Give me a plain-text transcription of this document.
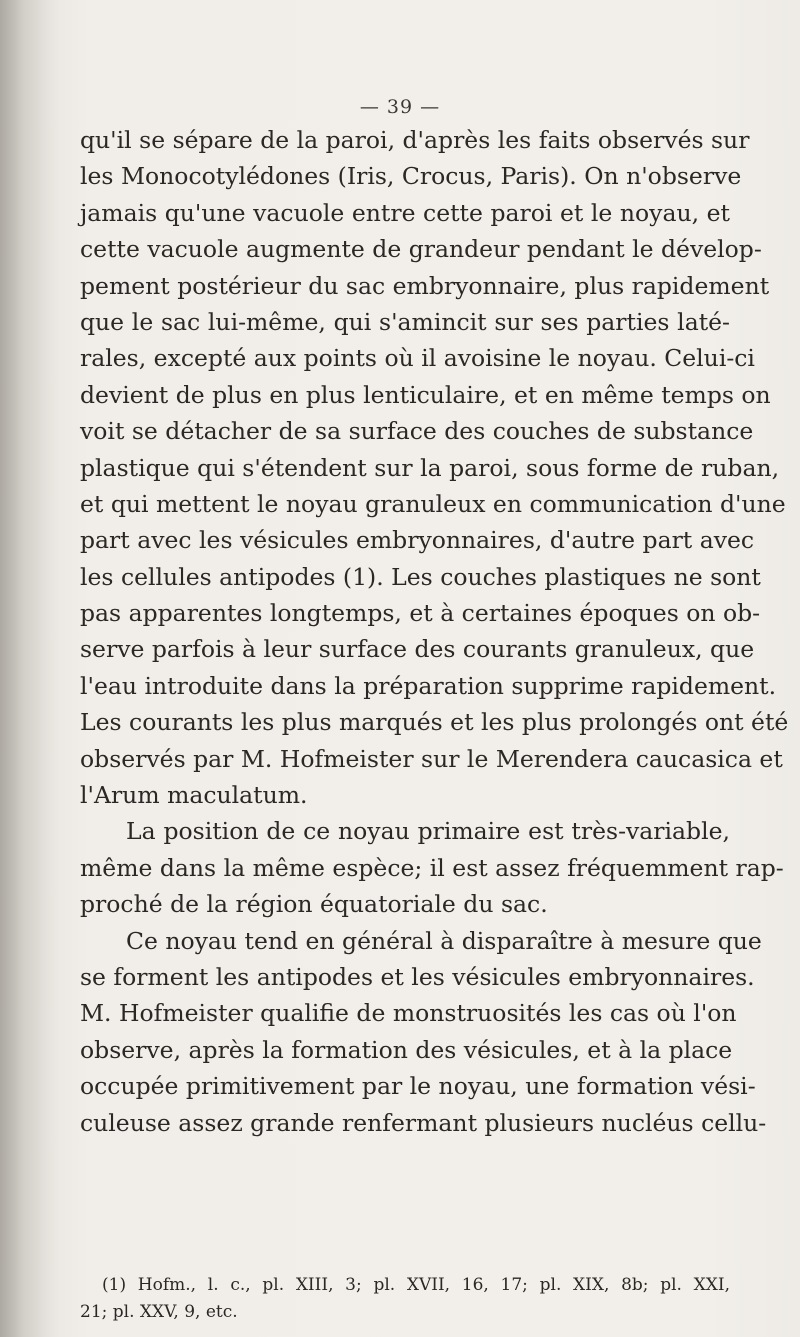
— 39 —
qu'il se sépare de la paroi, d'après les faits observés sur
les Monocotylédones (Iris, Crocus, Paris). On n'observe
jamais qu'une vacuole entre cette paroi et le noyau, et
cette vacuole augmente de grandeur pendant le dévelop-
pement postérieur du sac embryonnaire, plus rapidement
que le sac lui-même, qui s'amincit sur ses parties laté-
rales, excepté aux points où il avoisine le noyau. Celui-ci
devient de plus en plus lenticulaire, et en même temps on
voit se détacher de sa surface des couches de substance
plastique qui s'étendent sur la paroi, sous forme de ruban,
et qui mettent le noyau granuleux en communication d'une
part avec les vésicules embryonnaires, d'autre part avec
les cellules antipodes (1). Les couches plastiques ne sont
pas apparentes longtemps, et à certaines époques on ob-
serve parfois à leur surface des courants granuleux, que
l'eau introduite dans la préparation supprime rapidement.
Les courants les plus marqués et les plus prolongés ont été
observés par M. Hofmeister sur le Merendera caucasica et
l'Arum maculatum.
La position de ce noyau primaire est très-variable,
même dans la même espèce; il est assez fréquemment rap-
proché de la région équatoriale du sac.
Ce noyau tend en général à disparaître à mesure que
se forment les antipodes et les vésicules embryonnaires.
M. Hofmeister qualifie de monstruosités les cas où l'on
observe, après la formation des vésicules, et à la place
occupée primitivement par le noyau, une formation vési-
culeuse assez grande renfermant plusieurs nucléus cellu-
(1) Hofm., l. c., pl. XIII, 3; pl. XVII, 16, 17; pl. XIX, 8b; pl. XXI,
21; pl. XXV, 9, etc.
